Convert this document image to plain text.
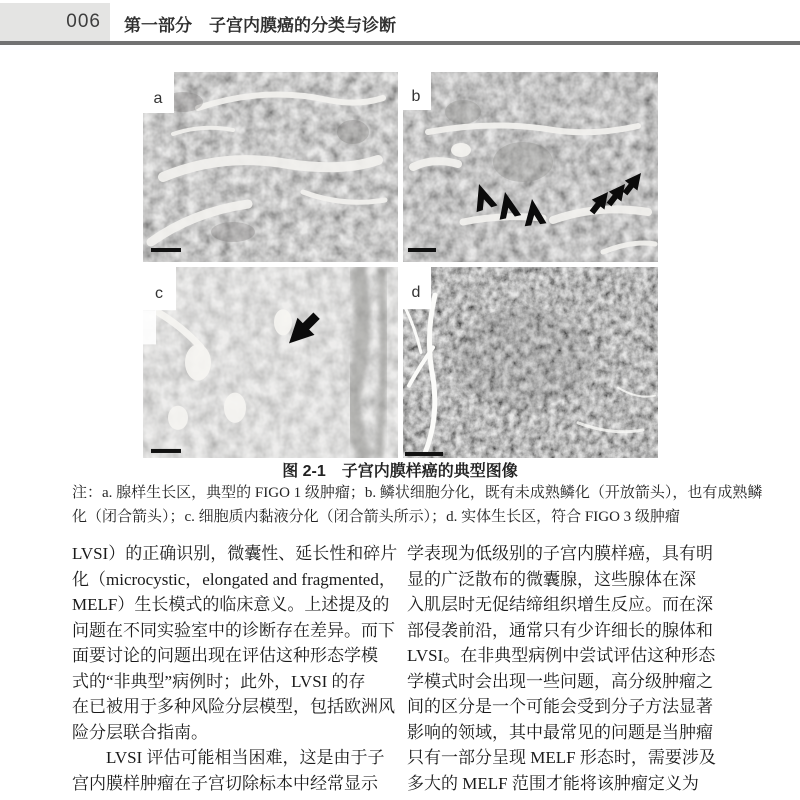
006 第一部分　子宫内膜癌的分类与诊断
a	b
c	d
图 2-1　子宫内膜样癌的典型图像
注：a. 腺样生长区，典型的 FIGO 1 级肿瘤；b. 鳞状细胞分化，既有未成熟鳞化（开放箭头），也有成熟鳞
化（闭合箭头）；c. 细胞质内黏液分化（闭合箭头所示）；d. 实体生长区，符合 FIGO 3 级肿瘤
LVSI）的正确识别，微囊性、延长性和碎片
化（microcystic，elongated and fragmented，
MELF）生长模式的临床意义。上述提及的
问题在不同实验室中的诊断存在差异。而下
面要讨论的问题出现在评估这种形态学模
式的“非典型”病例时；此外，LVSI 的存
在已被用于多种风险分层模型，包括欧洲风
险分层联合指南。
　　LVSI 评估可能相当困难，这是由于子
宫内膜样肿瘤在子宫切除标本中经常显示
学表现为低级别的子宫内膜样癌，具有明
显的广泛散布的微囊腺，这些腺体在深
入肌层时无促结缔组织增生反应。而在深
部侵袭前沿，通常只有少许细长的腺体和
LVSI。在非典型病例中尝试评估这种形态
学模式时会出现一些问题，高分级肿瘤之
间的区分是一个可能会受到分子方法显著
影响的领域，其中最常见的问题是当肿瘤
只有一部分呈现 MELF 形态时，需要涉及
多大的 MELF 范围才能将该肿瘤定义为
